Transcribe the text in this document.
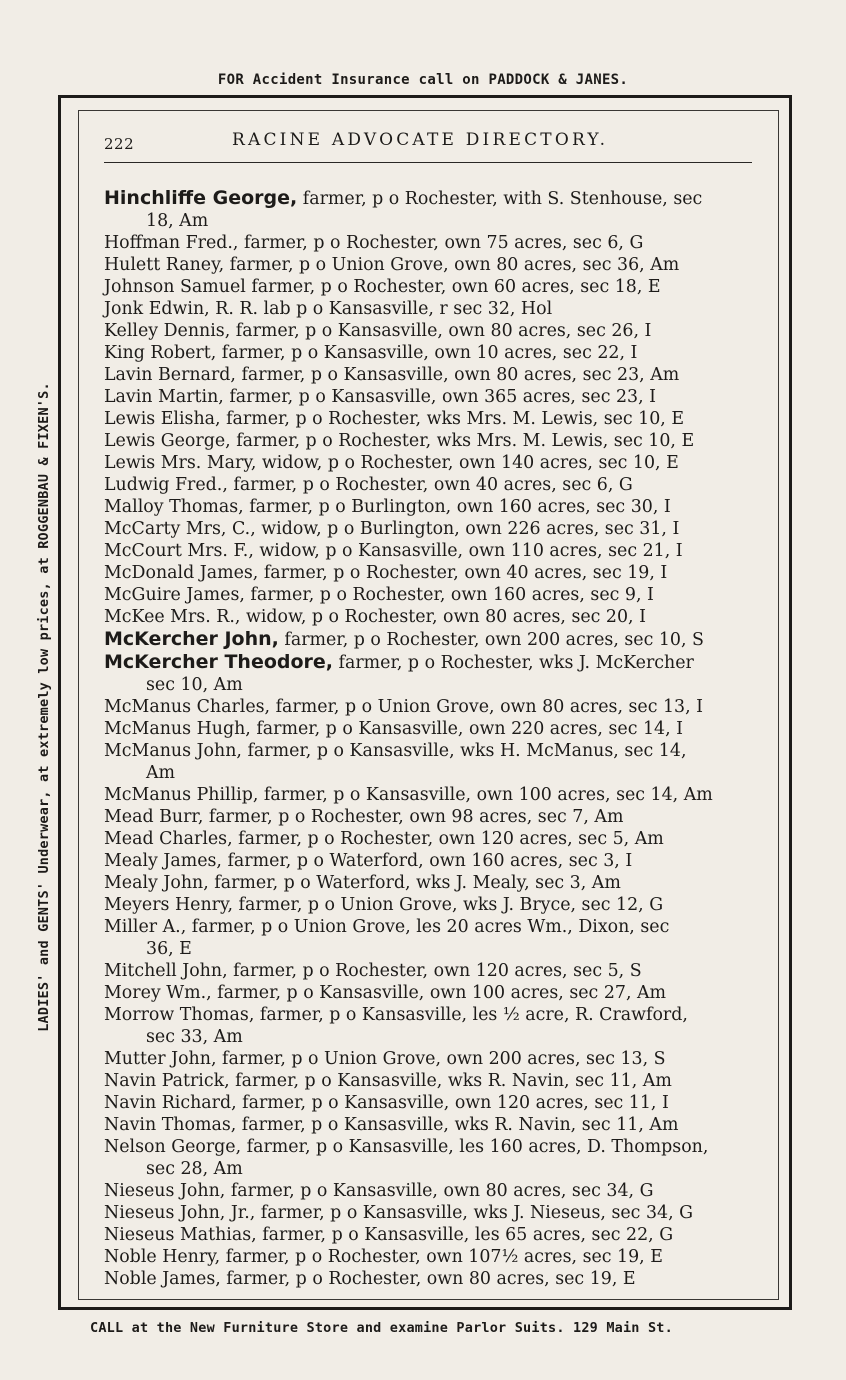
FOR Accident Insurance call on PADDOCK & JANES.
LADIES' and GENTS' Underwear, at extremely low prices, at ROGGENBAU & FIXEN'S.
222	RACINE ADVOCATE DIRECTORY.
Hinchliffe George, farmer, p o Rochester, with S. Stenhouse, sec
18, Am
Hoffman Fred., farmer, p o Rochester, own 75 acres, sec 6, G
Hulett Raney, farmer, p o Union Grove, own 80 acres, sec 36, Am
Johnson Samuel farmer, p o Rochester, own 60 acres, sec 18, E
Jonk Edwin, R. R. lab p o Kansasville, r sec 32, Hol
Kelley Dennis, farmer, p o Kansasville, own 80 acres, sec 26, I
King Robert, farmer, p o Kansasville, own 10 acres, sec 22, I
Lavin Bernard, farmer, p o Kansasville, own 80 acres, sec 23, Am
Lavin Martin, farmer, p o Kansasville, own 365 acres, sec 23, I
Lewis Elisha, farmer, p o Rochester, wks Mrs. M. Lewis, sec 10, E
Lewis George, farmer, p o Rochester, wks Mrs. M. Lewis, sec 10, E
Lewis Mrs. Mary, widow, p o Rochester, own 140 acres, sec 10, E
Ludwig Fred., farmer, p o Rochester, own 40 acres, sec 6, G
Malloy Thomas, farmer, p o Burlington, own 160 acres, sec 30, I
McCarty Mrs, C., widow, p o Burlington, own 226 acres, sec 31, I
McCourt Mrs. F., widow, p o Kansasville, own 110 acres, sec 21, I
McDonald James, farmer, p o Rochester, own 40 acres, sec 19, I
McGuire James, farmer, p o Rochester, own 160 acres, sec 9, I
McKee Mrs. R., widow, p o Rochester, own 80 acres, sec 20, I
McKercher John, farmer, p o Rochester, own 200 acres, sec 10, S
McKercher Theodore, farmer, p o Rochester, wks J. McKercher
sec 10, Am
McManus Charles, farmer, p o Union Grove, own 80 acres, sec 13, I
McManus Hugh, farmer, p o Kansasville, own 220 acres, sec 14, I
McManus John, farmer, p o Kansasville, wks H. McManus, sec 14,
Am
McManus Phillip, farmer, p o Kansasville, own 100 acres, sec 14, Am
Mead Burr, farmer, p o Rochester, own 98 acres, sec 7, Am
Mead Charles, farmer, p o Rochester, own 120 acres, sec 5, Am
Mealy James, farmer, p o Waterford, own 160 acres, sec 3, I
Mealy John, farmer, p o Waterford, wks J. Mealy, sec 3, Am
Meyers Henry, farmer, p o Union Grove, wks J. Bryce, sec 12, G
Miller A., farmer, p o Union Grove, les 20 acres Wm., Dixon, sec
36, E
Mitchell John, farmer, p o Rochester, own 120 acres, sec 5, S
Morey Wm., farmer, p o Kansasville, own 100 acres, sec 27, Am
Morrow Thomas, farmer, p o Kansasville, les ½ acre, R. Crawford,
sec 33, Am
Mutter John, farmer, p o Union Grove, own 200 acres, sec 13, S
Navin Patrick, farmer, p o Kansasville, wks R. Navin, sec 11, Am
Navin Richard, farmer, p o Kansasville, own 120 acres, sec 11, I
Navin Thomas, farmer, p o Kansasville, wks R. Navin, sec 11, Am
Nelson George, farmer, p o Kansasville, les 160 acres, D. Thompson,
sec 28, Am
Nieseus John, farmer, p o Kansasville, own 80 acres, sec 34, G
Nieseus John, Jr., farmer, p o Kansasville, wks J. Nieseus, sec 34, G
Nieseus Mathias, farmer, p o Kansasville, les 65 acres, sec 22, G
Noble Henry, farmer, p o Rochester, own 107½ acres, sec 19, E
Noble James, farmer, p o Rochester, own 80 acres, sec 19, E
CALL at the New Furniture Store and examine Parlor Suits. 129 Main St.
